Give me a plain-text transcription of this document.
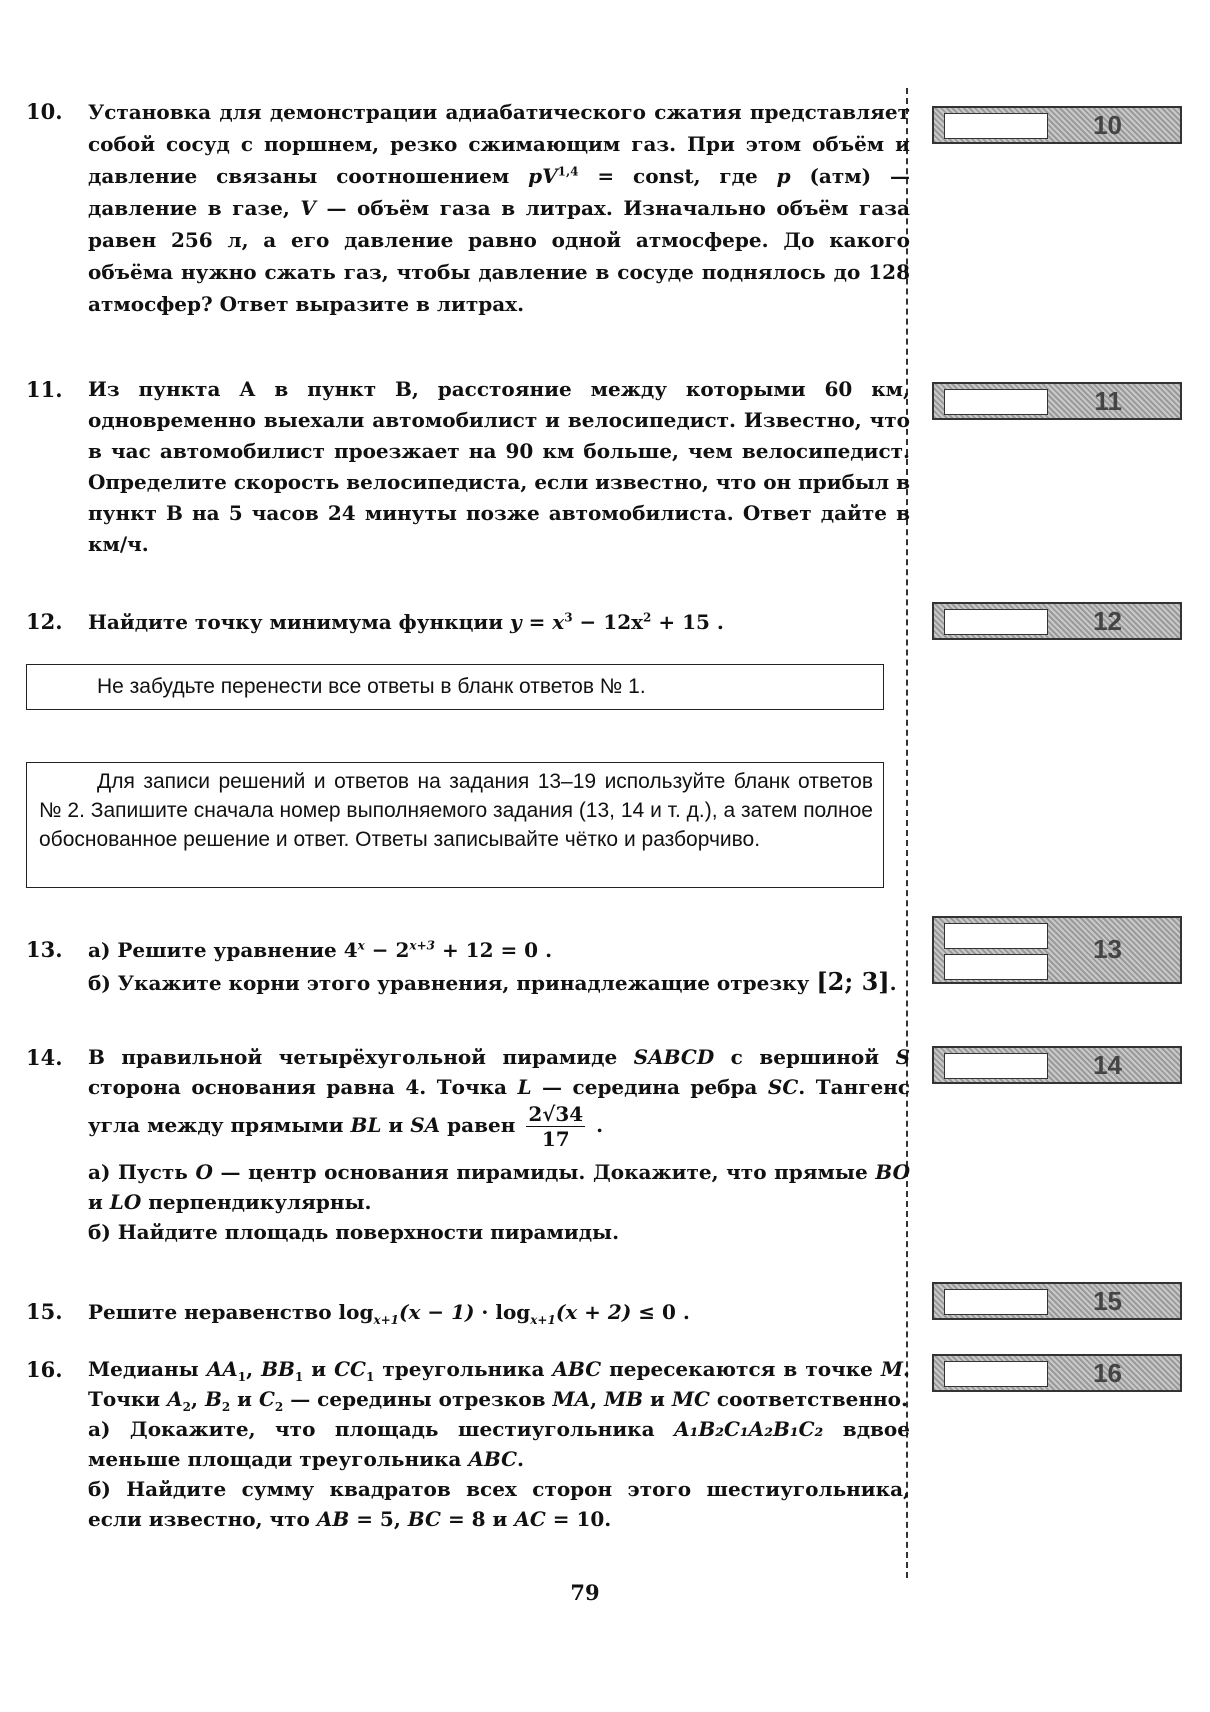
10. Установка для демонстрации адиабатического сжатия представляет собой сосуд с поршнем, резко сжимающим газ. При этом объём и давление связаны соотношением pV$^{1,4}$ = const, где p (атм) — давление в газе, V — объём газа в литрах. Изначально объём газа равен 256 л, а его давление равно одной атмосфере. До какого объёма нужно сжать газ, чтобы давление в сосуде поднялось до 128 атмосфер? Ответ выразите в литрах.

10
11. Из пункта А в пункт В, расстояние между которыми 60 км, одновременно выехали автомобилист и велосипедист. Известно, что в час автомобилист проезжает на 90 км больше, чем велосипедист. Определите скорость велосипедиста, если известно, что он прибыл в пункт В на 5 часов 24 минуты позже автомобилиста. Ответ дайте в км/ч.

11
12. Найдите точку минимума функции $y = x^3 - 12x^2 + 15$ .	12
Не забудьте перенести все ответы в бланк ответов № 1.
Для записи решений и ответов на задания 13–19 используйте бланк ответов № 2. Запишите сначала номер выполняемого задания (13, 14 и т. д.), а затем полное обоснованное решение и ответ. Ответы записывайте чётко и разборчиво.
13. а) Решите уравнение $4^x - 2^{x+3} + 12 = 0$ .

б) Укажите корни этого уравнения, принадлежащие отрезку [2; 3].

13
14. В правильной четырёхугольной пирамиде SABCD с вершиной S сторона основания равна 4. Точка L — середина ребра SC. Тангенс угла между прямыми BL и SA равен $\frac{2√34}{17}$ .

а) Пусть O — центр основания пирамиды. Докажите, что прямые BO и LO перпендикулярны.

б) Найдите площадь поверхности пирамиды.

14
15. Решите неравенство $\log_{x+1}(x - 1) \cdot \log_{x+1}(x + 2) \le 0$ .	15
16. Медианы $AA_1$, $BB_1$ и $CC_1$ треугольника ABC пересекаются в точке M. Точки $A_2$, $B_2$ и $C_2$ — середины отрезков MA, MB и MC соответственно.

а) Докажите, что площадь шестиугольника A₁B₂C₁A₂B₁C₂ вдвое меньше площади треугольника ABC.

б) Найдите сумму квадратов всех сторон этого шестиугольника, если известно, что AB = 5, BC = 8 и AC = 10.

16
79
